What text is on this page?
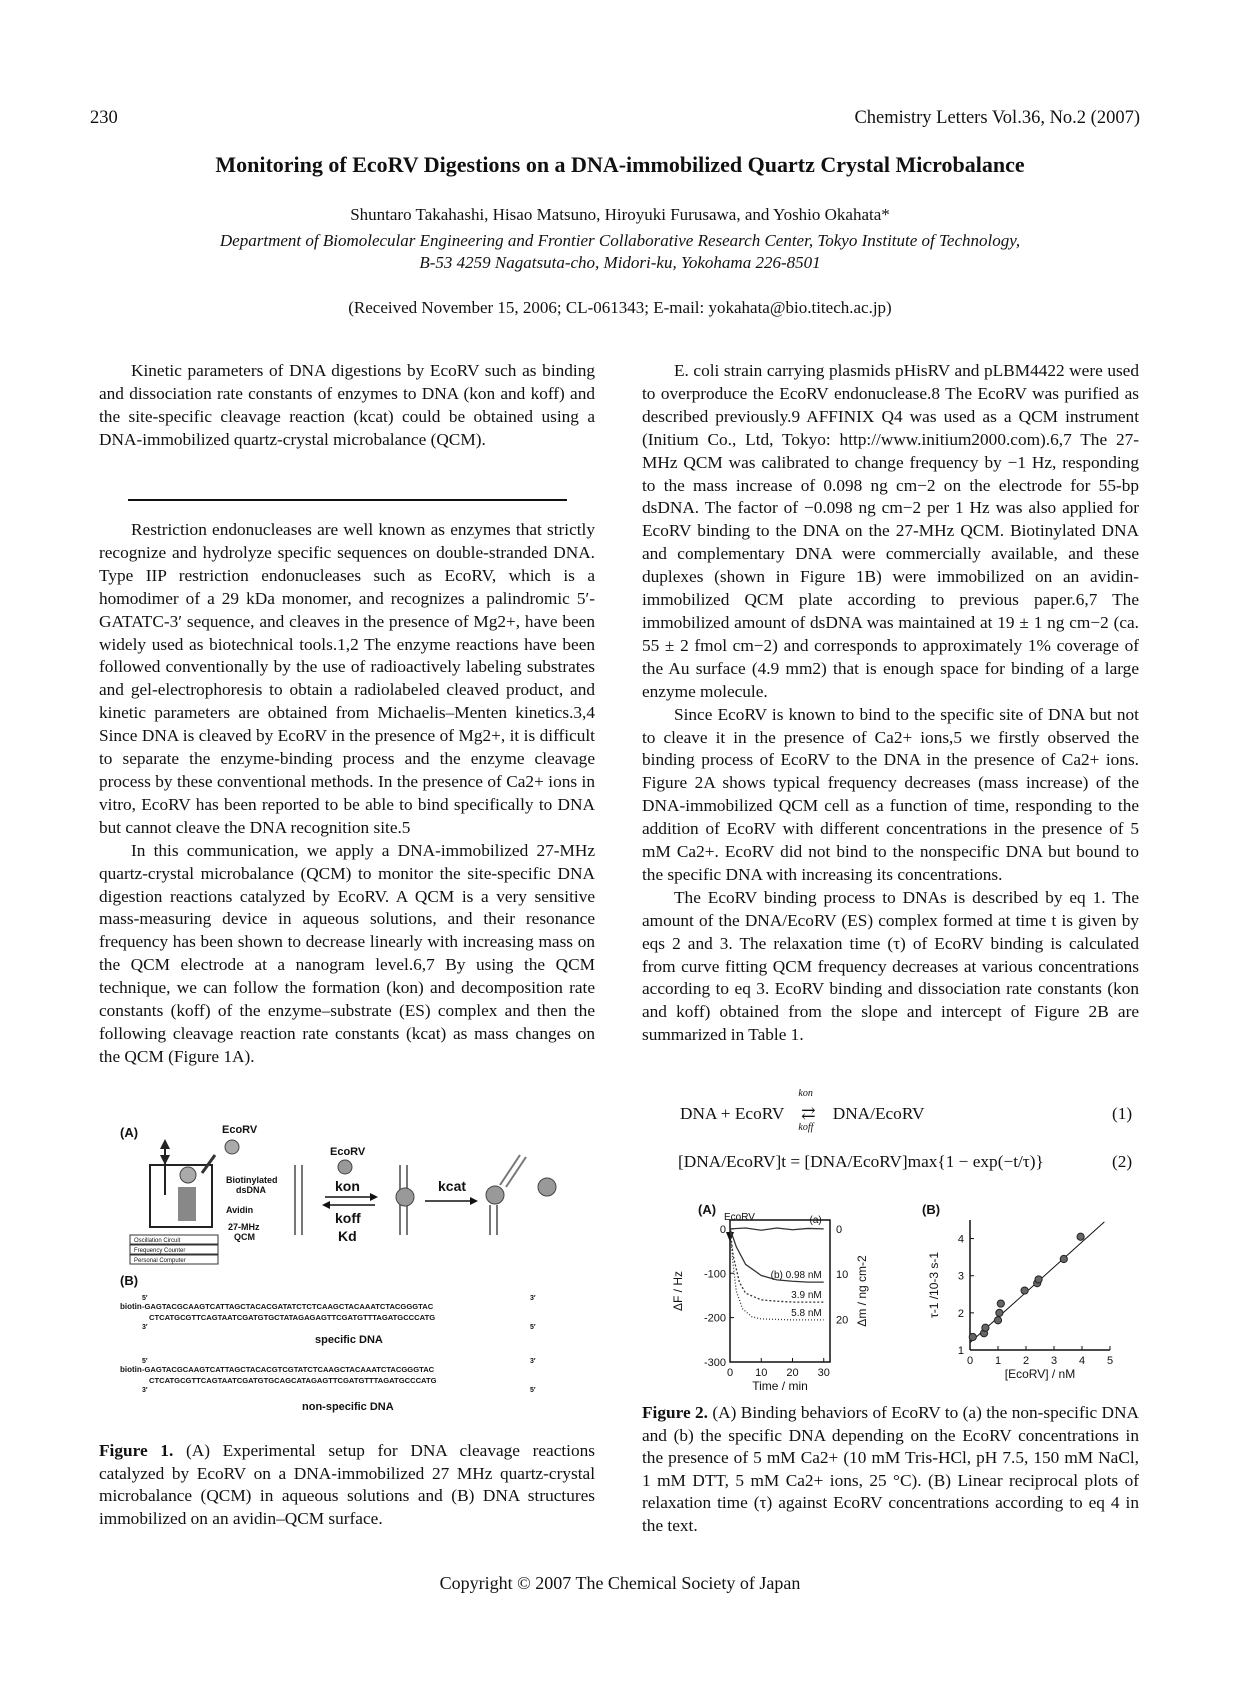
230	Chemistry Letters Vol.36, No.2 (2007)
Monitoring of EcoRV Digestions on a DNA-immobilized Quartz Crystal Microbalance
Shuntaro Takahashi, Hisao Matsuno, Hiroyuki Furusawa, and Yoshio Okahata*
Department of Biomolecular Engineering and Frontier Collaborative Research Center, Tokyo Institute of Technology,
B-53 4259 Nagatsuta-cho, Midori-ku, Yokohama 226-8501
(Received November 15, 2006; CL-061343; E-mail: yokahata@bio.titech.ac.jp)

Kinetic parameters of DNA digestions by EcoRV such as binding and dissociation rate constants of enzymes to DNA (kon and koff) and the site-specific cleavage reaction (kcat) could be obtained using a DNA-immobilized quartz-crystal microbalance (QCM).

Restriction endonucleases are well known as enzymes that strictly recognize and hydrolyze specific sequences on double-stranded DNA. Type IIP restriction endonucleases such as EcoRV, which is a homodimer of a 29 kDa monomer, and recognizes a palindromic 5′-GATATC-3′ sequence, and cleaves in the presence of Mg2+, have been widely used as biotechnical tools.1,2 The enzyme reactions have been followed conventionally by the use of radioactively labeling substrates and gel-electrophoresis to obtain a radiolabeled cleaved product, and kinetic parameters are obtained from Michaelis–Menten kinetics.3,4 Since DNA is cleaved by EcoRV in the presence of Mg2+, it is difficult to separate the enzyme-binding process and the enzyme cleavage process by these conventional methods. In the presence of Ca2+ ions in vitro, EcoRV has been reported to be able to bind specifically to DNA but cannot cleave the DNA recognition site.5

In this communication, we apply a DNA-immobilized 27-MHz quartz-crystal microbalance (QCM) to monitor the site-specific DNA digestion reactions catalyzed by EcoRV. A QCM is a very sensitive mass-measuring device in aqueous solutions, and their resonance frequency has been shown to decrease linearly with increasing mass on the QCM electrode at a nanogram level.6,7 By using the QCM technique, we can follow the formation (kon) and decomposition rate constants (koff) of the enzyme–substrate (ES) complex and then the following cleavage reaction rate constants (kcat) as mass changes on the QCM (Figure 1A).

(A)	EcoRV
Oscillation Circuit
Frequency Counter
Personal Computer
Biotinylated
dsDNA
Avidin
27-MHz
QCM
EcoRV
kon
koff
Kd
kcat
(B)
5′
biotin -GAGTACGCAAGTCATTAGCTACACGATATCTCTCAAGCTACAAATCTACGGGTAC
3′
CTCATGCGTTCAGTAATCGATGTGCTATAGAGAGTTCGATGTTTAGATGCCCATG
3′	5′
5′
biotin -GAGTACGCAAGTCATTAGCTACACGTCGTATCTCAAGCTACAAATCTACGGGTAC
3′
CTCATGCGTTCAGTAATCGATGTGCAGCATAGAGTTCGATGTTTAGATGCCCATG
3′	5′
specific DNA
non-specific DNA
Figure 1. (A) Experimental setup for DNA cleavage reactions catalyzed by EcoRV on a DNA-immobilized 27 MHz quartz-crystal microbalance (QCM) in aqueous solutions and (B) DNA structures immobilized on an avidin–QCM surface.

E. coli strain carrying plasmids pHisRV and pLBM4422 were used to overproduce the EcoRV endonuclease.8 The EcoRV was purified as described previously.9 AFFINIX Q4 was used as a QCM instrument (Initium Co., Ltd, Tokyo: http://www.initium2000.com).6,7 The 27-MHz QCM was calibrated to change frequency by −1 Hz, responding to the mass increase of 0.098 ng cm−2 on the electrode for 55-bp dsDNA. The factor of −0.098 ng cm−2 per 1 Hz was also applied for EcoRV binding to the DNA on the 27-MHz QCM. Biotinylated DNA and complementary DNA were commercially available, and these duplexes (shown in Figure 1B) were immobilized on an avidin-immobilized QCM plate according to previous paper.6,7 The immobilized amount of dsDNA was maintained at 19 ± 1 ng cm−2 (ca. 55 ± 2 fmol cm−2) and corresponds to approximately 1% coverage of the Au surface (4.9 mm2) that is enough space for binding of a large enzyme molecule.

Since EcoRV is known to bind to the specific site of DNA but not to cleave it in the presence of Ca2+ ions,5 we firstly observed the binding process of EcoRV to the DNA in the presence of Ca2+ ions. Figure 2A shows typical frequency decreases (mass increase) of the DNA-immobilized QCM cell as a function of time, responding to the addition of EcoRV with different concentrations in the presence of 5 mM Ca2+. EcoRV did not bind to the nonspecific DNA but bound to the specific DNA with increasing its concentrations.

The EcoRV binding process to DNAs is described by eq 1. The amount of the DNA/EcoRV (ES) complex formed at time t is given by eqs 2 and 3. The relaxation time (τ) of EcoRV binding is calculated from curve fitting QCM frequency decreases at various concentrations according to eq 3. EcoRV binding and dissociation rate constants (kon and koff) obtained from the slope and intercept of Figure 2B are summarized in Table 1.

DNA + EcoRV
kon
⇄
koff
DNA/EcoRV	(1)
[DNA/EcoRV]t = [DNA/EcoRV]max{1 − exp(−t/τ)}	(2)
(A)	(B)
EcoRV
0 10 20 30
0
-100
-200
-300
0
10
20
Time / min
ΔF / Hz	Δm / ng cm-2
(a)
(b) 0.98 nM
3.9 nM
5.8 nM
0 1 2 3 4 5
1
2
3
4
[EcoRV] / nM
τ-1 /10-3 s-1
Figure 2. (A) Binding behaviors of EcoRV to (a) the non-specific DNA and (b) the specific DNA depending on the EcoRV concentrations in the presence of 5 mM Ca2+ (10 mM Tris-HCl, pH 7.5, 150 mM NaCl, 1 mM DTT, 5 mM Ca2+ ions, 25 °C). (B) Linear reciprocal plots of relaxation time (τ) against EcoRV concentrations according to eq 4 in the text.
Copyright © 2007 The Chemical Society of Japan
